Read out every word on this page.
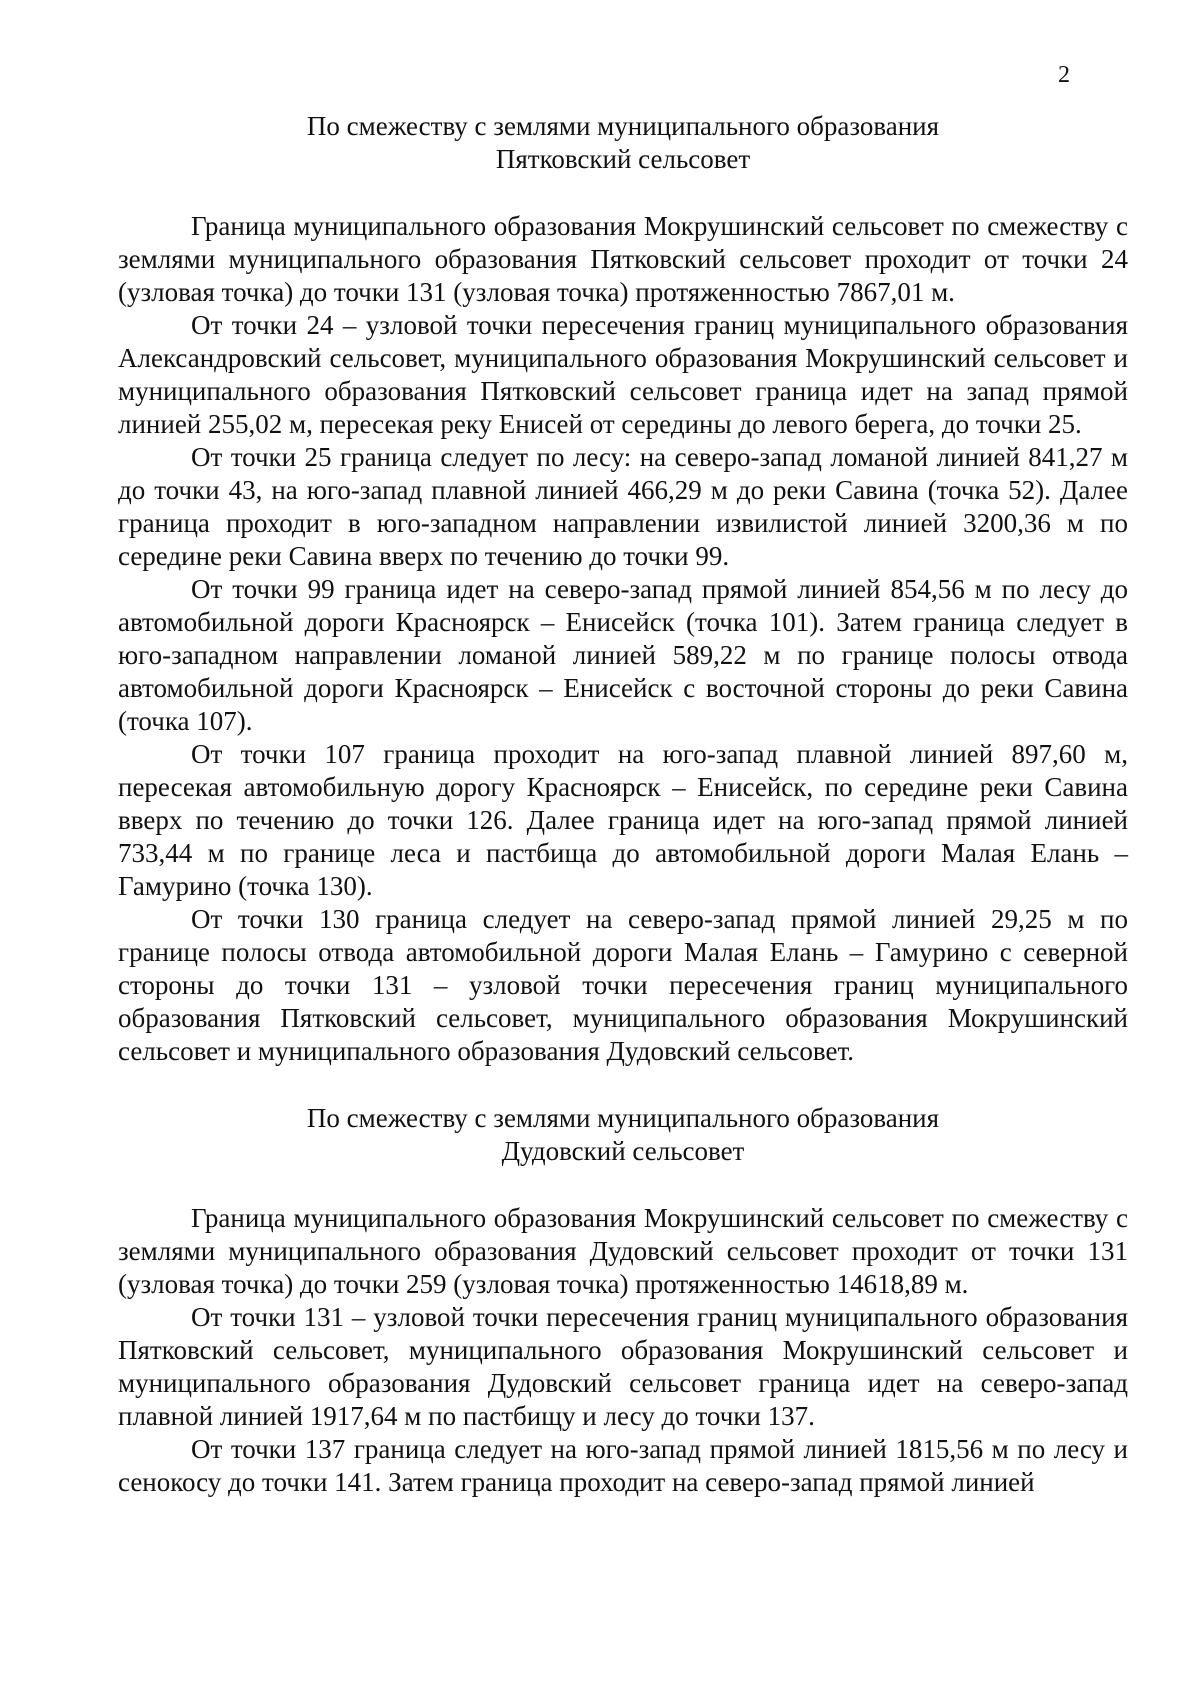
2
По смежеству с землями муниципального образования
Пятковский сельсовет

Граница муниципального образования Мокрушинский сельсовет по смежеству с землями муниципального образования Пятковский сельсовет проходит от точки 24 (узловая точка) до точки 131 (узловая точка) протяженностью 7867,01 м.

От точки 24 – узловой точки пересечения границ муниципального образования Александровский сельсовет, муниципального образования Мокрушинский сельсовет и муниципального образования Пятковский сельсовет граница идет на запад прямой линией 255,02 м, пересекая реку Енисей от середины до левого берега, до точки 25.

От точки 25 граница следует по лесу: на северо-запад ломаной линией 841,27 м до точки 43, на юго-запад плавной линией 466,29 м до реки Савина (точка 52). Далее граница проходит в юго-западном направлении извилистой линией 3200,36 м по середине реки Савина вверх по течению до точки 99.

От точки 99 граница идет на северо-запад прямой линией 854,56 м по лесу до автомобильной дороги Красноярск – Енисейск (точка 101). Затем граница следует в юго-западном направлении ломаной линией 589,22 м по границе полосы отвода автомобильной дороги Красноярск – Енисейск с восточной стороны до реки Савина (точка 107).

От точки 107 граница проходит на юго-запад плавной линией 897,60 м, пересекая автомобильную дорогу Красноярск – Енисейск, по середине реки Савина вверх по течению до точки 126. Далее граница идет на юго-запад прямой линией 733,44 м по границе леса и пастбища до автомобильной дороги Малая Елань – Гамурино (точка 130).

От точки 130 граница следует на северо-запад прямой линией 29,25 м по границе полосы отвода автомобильной дороги Малая Елань – Гамурино с северной стороны до точки 131 – узловой точки пересечения границ муниципального образования Пятковский сельсовет, муниципального образования Мокрушинский сельсовет и муниципального образования Дудовский сельсовет.

По смежеству с землями муниципального образования
Дудовский сельсовет

Граница муниципального образования Мокрушинский сельсовет по смежеству с землями муниципального образования Дудовский сельсовет проходит от точки 131 (узловая точка) до точки 259 (узловая точка) протяженностью 14618,89 м.

От точки 131 – узловой точки пересечения границ муниципального образования Пятковский сельсовет, муниципального образования Мокрушинский сельсовет и муниципального образования Дудовский сельсовет граница идет на северо-запад плавной линией 1917,64 м по пастбищу и лесу до точки 137.

От точки 137 граница следует на юго-запад прямой линией 1815,56 м по лесу и сенокосу до точки 141. Затем граница проходит на северо-запад прямой линией
